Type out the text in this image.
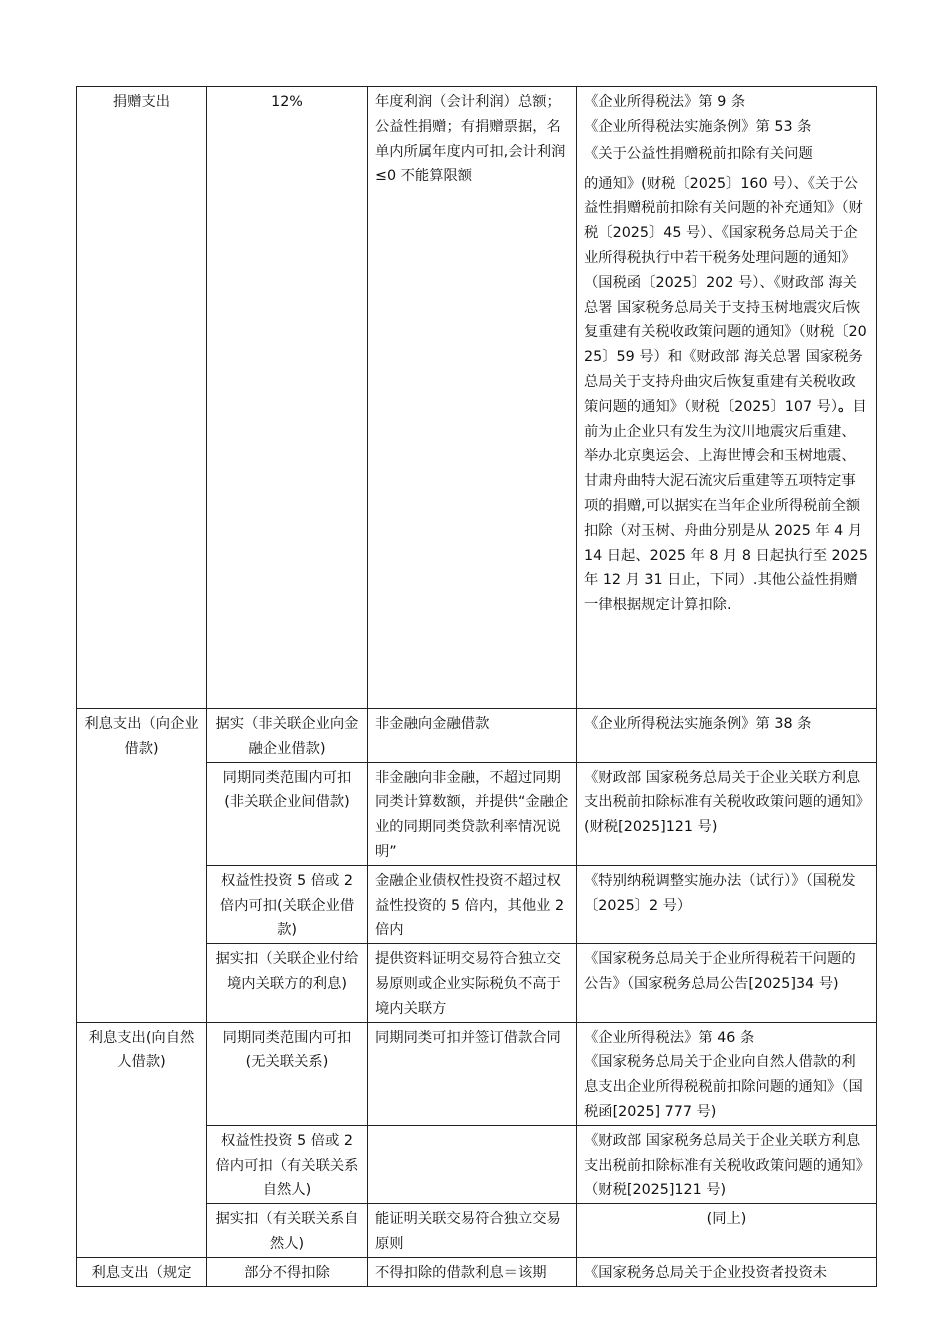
捐赠支出	12%	年度利润（会计利润）总额；公益性捐赠；有捐赠票据，名单内所属年度内可扣,会计利润≤0 不能算限额	《企业所得税法》第 9 条
《企业所得税法实施条例》第 53 条
《关于公益性捐赠税前扣除有关问题
的通知》(财税〔2025〕160 号）、《关于公益性捐赠税前扣除有关问题的补充通知》（财税〔2025〕45 号）、《国家税务总局关于企业所得税执行中若干税务处理问题的通知》（国税函〔2025〕202 号）、《财政部 海关总署 国家税务总局关于支持玉树地震灾后恢复重建有关税收政策问题的通知》（财税〔2025〕59 号）和《财政部 海关总署 国家税务总局关于支持舟曲灾后恢复重建有关税收政策问题的通知》（财税〔2025〕107 号）。目前为止企业只有发生为汶川地震灾后重建、举办北京奥运会、上海世博会和玉树地震、甘肃舟曲特大泥石流灾后重建等五项特定事项的捐赠,可以据实在当年企业所得税前全额扣除（对玉树、舟曲分别是从 2025 年 4 月 14 日起、2025 年 8 月 8 日起执行至 2025 年 12 月 31 日止，下同）.其他公益性捐赠一律根据规定计算扣除.
利息支出（向企业借款)	据实（非关联企业向金融企业借款)	非金融向金融借款	《企业所得税法实施条例》第 38 条
	同期同类范围内可扣(非关联企业间借款)	非金融向非金融，不超过同期同类计算数额，并提供“金融企业的同期同类贷款利率情况说明”	《财政部 国家税务总局关于企业关联方利息支出税前扣除标准有关税收政策问题的通知》(财税[2025]121 号)
	权益性投资 5 倍或 2 倍内可扣(关联企业借款)	金融企业债权性投资不超过权益性投资的 5 倍内，其他业 2 倍内	《特别纳税调整实施办法（试行）》（国税发〔2025〕2 号）
	据实扣（关联企业付给境内关联方的利息)	提供资料证明交易符合独立交易原则或企业实际税负不高于境内关联方	《国家税务总局关于企业所得税若干问题的公告》（国家税务总局公告[2025]34 号)
利息支出(向自然人借款)	同期同类范围内可扣(无关联关系)	同期同类可扣并签订借款合同	《企业所得税法》第 46 条
《国家税务总局关于企业向自然人借款的利息支出企业所得税税前扣除问题的通知》（国税函[2025] 777 号)

	权益性投资 5 倍或 2 倍内可扣（有关联关系自然人)		《财政部 国家税务总局关于企业关联方利息支出税前扣除标准有关税收政策问题的通知》（财税[2025]121 号)
	据实扣（有关联关系自然人)	能证明关联交易符合独立交易原则	(同上)
利息支出（规定	部分不得扣除	不得扣除的借款利息＝该期	《国家税务总局关于企业投资者投资未
